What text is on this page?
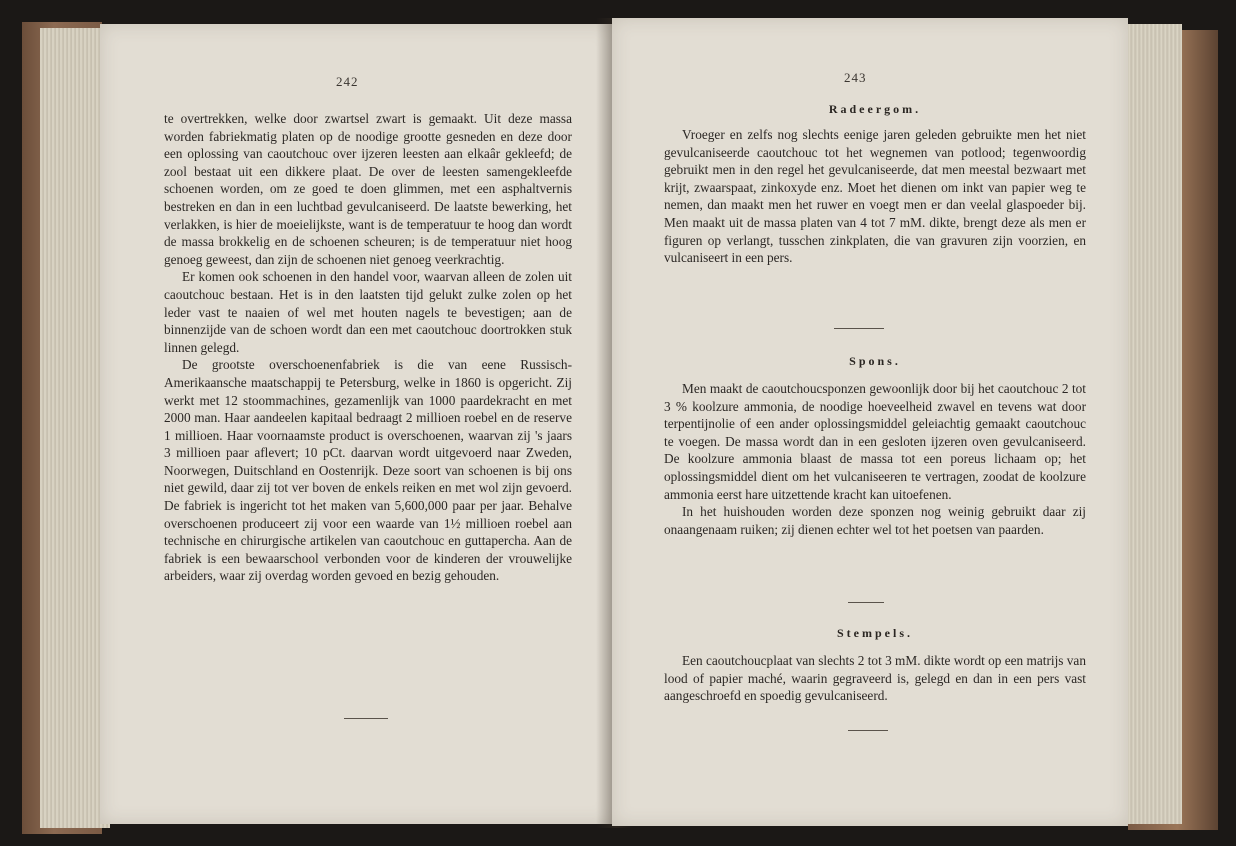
242

te overtrekken, welke door zwartsel zwart is gemaakt. Uit deze massa worden fabriekmatig platen op de noodige grootte gesneden en deze door een oplossing van caoutchouc over ijzeren leesten aan elkaâr gekleefd; de zool bestaat uit een dikkere plaat. De over de leesten samengekleefde schoenen worden, om ze goed te doen glimmen, met een asphaltvernis bestreken en dan in een luchtbad gevulcaniseerd. De laatste bewerking, het verlakken, is hier de moeielijkste, want is de temperatuur te hoog dan wordt de massa brokkelig en de schoenen scheuren; is de temperatuur niet hoog genoeg geweest, dan zijn de schoenen niet genoeg veerkrachtig.

Er komen ook schoenen in den handel voor, waarvan alleen de zolen uit caoutchouc bestaan. Het is in den laatsten tijd gelukt zulke zolen op het leder vast te naaien of wel met houten nagels te bevestigen; aan de binnenzijde van de schoen wordt dan een met caoutchouc doortrokken stuk linnen gelegd.

De grootste overschoenenfabriek is die van eene Russisch-Amerikaansche maatschappij te Petersburg, welke in 1860 is opgericht. Zij werkt met 12 stoommachines, gezamenlijk van 1000 paardekracht en met 2000 man. Haar aandeelen kapitaal bedraagt 2 millioen roebel en de reserve 1 millioen. Haar voornaamste product is overschoenen, waarvan zij 's jaars 3 millioen paar aflevert; 10 pCt. daarvan wordt uitgevoerd naar Zweden, Noorwegen, Duitschland en Oostenrijk. Deze soort van schoenen is bij ons niet gewild, daar zij tot ver boven de enkels reiken en met wol zijn gevoerd. De fabriek is ingericht tot het maken van 5,600,000 paar per jaar. Behalve overschoenen produceert zij voor een waarde van 1½ millioen roebel aan technische en chirurgische artikelen van caoutchouc en guttapercha. Aan de fabriek is een bewaarschool verbonden voor de kinderen der vrouwelijke arbeiders, waar zij overdag worden gevoed en bezig gehouden.

243
Radeergom.

Vroeger en zelfs nog slechts eenige jaren geleden gebruikte men het niet gevulcaniseerde caoutchouc tot het wegnemen van potlood; tegenwoordig gebruikt men in den regel het gevulcaniseerde, dat men meestal bezwaart met krijt, zwaarspaat, zinkoxyde enz. Moet het dienen om inkt van papier weg te nemen, dan maakt men het ruwer en voegt men er dan veelal glaspoeder bij. Men maakt uit de massa platen van 4 tot 7 mM. dikte, brengt deze als men er figuren op verlangt, tusschen zinkplaten, die van gravuren zijn voorzien, en vulcaniseert in een pers.

Spons.

Men maakt de caoutchoucsponzen gewoonlijk door bij het caoutchouc 2 tot 3 % koolzure ammonia, de noodige hoeveelheid zwavel en tevens wat door terpentijnolie of een ander oplossingsmiddel geleiachtig gemaakt caoutchouc te voegen. De massa wordt dan in een gesloten ijzeren oven gevulcaniseerd. De koolzure ammonia blaast de massa tot een poreus lichaam op; het oplossingsmiddel dient om het vulcaniseeren te vertragen, zoodat de koolzure ammonia eerst hare uitzettende kracht kan uitoefenen.

In het huishouden worden deze sponzen nog weinig gebruikt daar zij onaangenaam ruiken; zij dienen echter wel tot het poetsen van paarden.

Stempels.

Een caoutchoucplaat van slechts 2 tot 3 mM. dikte wordt op een matrijs van lood of papier maché, waarin gegraveerd is, gelegd en dan in een pers vast aangeschroefd en spoedig gevulcaniseerd.
